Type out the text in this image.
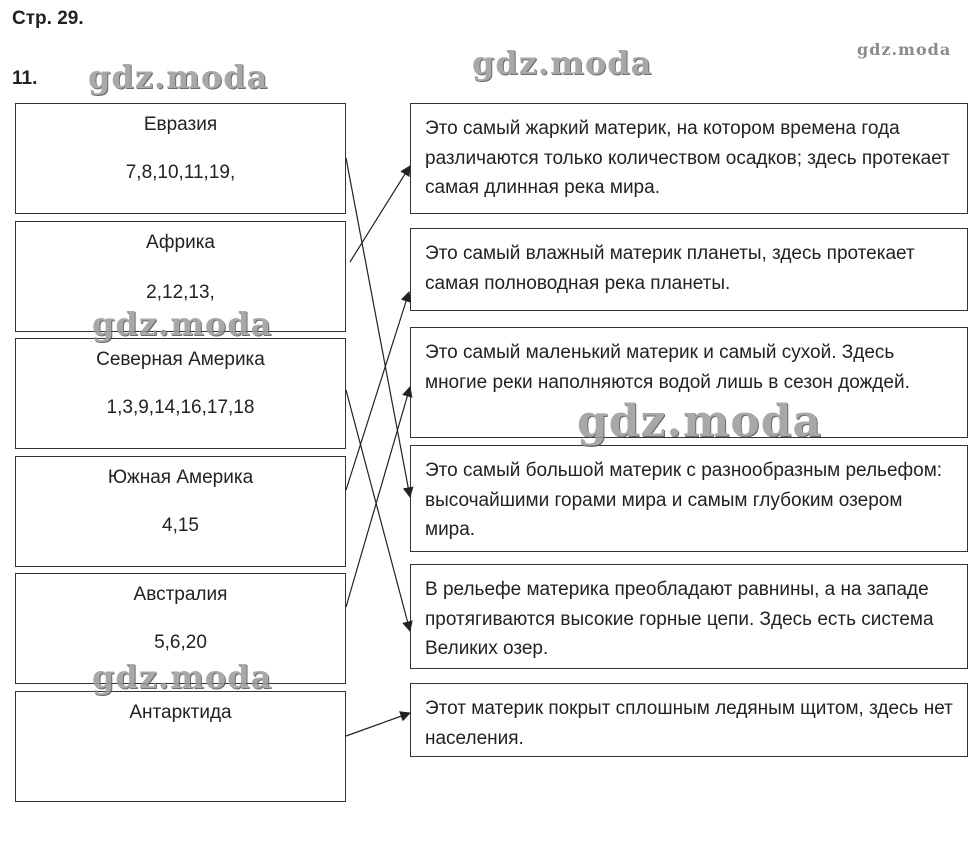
Стр. 29.
11.
Евразия
7,8,10,11,19,
Африка
2,12,13,
Северная Америка
1,3,9,14,16,17,18
Южная Америка
4,15
Австралия
5,6,20
Антарктида
Это самый жаркий материк, на котором времена года различаются только количеством осадков; здесь протекает самая длинная река мира.
Это самый влажный материк планеты, здесь протекает самая полноводная река планеты.
Это самый маленький материк и самый сухой. Здесь многие реки наполняются водой лишь в сезон дождей.
Это самый большой материк с разнообразным рельефом: высочайшими горами мира и самым глубоким озером мира.
В рельефе материка преобладают равнины, а на западе протягиваются высокие горные цепи. Здесь есть система Великих озер.
Этот материк покрыт сплошным ледяным щитом, здесь нет населения.
gdz.moda
gdz.moda	gdz.moda
gdz.moda
gdz.moda
gdz.moda
